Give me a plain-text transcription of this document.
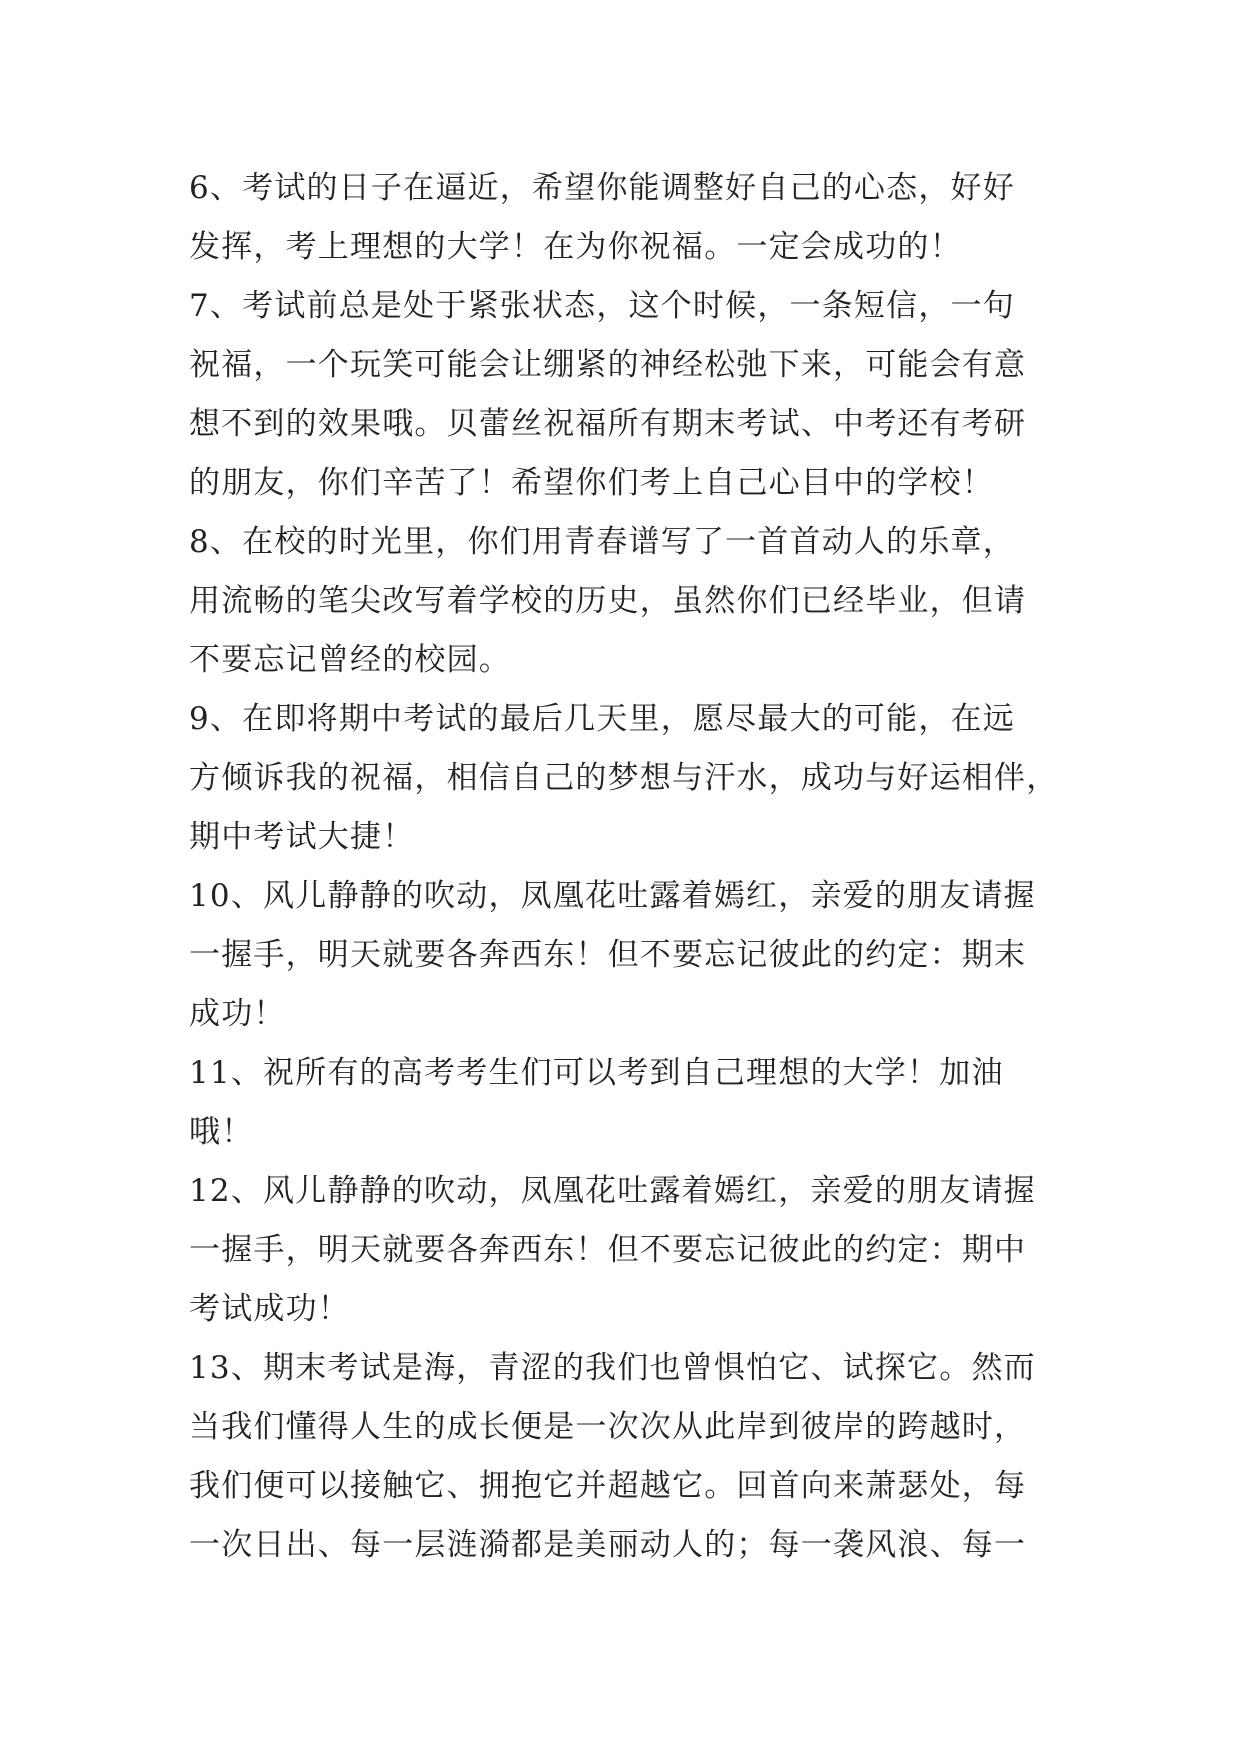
6、考试的日子在逼近，希望你能调整好自己的心态，好好
发挥，考上理想的大学！在为你祝福。一定会成功的！
7、考试前总是处于紧张状态，这个时候，一条短信，一句
祝福，一个玩笑可能会让绷紧的神经松弛下来，可能会有意
想不到的效果哦。贝蕾丝祝福所有期末考试、中考还有考研
的朋友，你们辛苦了！希望你们考上自己心目中的学校！
8、在校的时光里，你们用青春谱写了一首首动人的乐章，
用流畅的笔尖改写着学校的历史，虽然你们已经毕业，但请
不要忘记曾经的校园。
9、在即将期中考试的最后几天里，愿尽最大的可能，在远
方倾诉我的祝福，相信自己的梦想与汗水，成功与好运相伴，
期中考试大捷！
10、风儿静静的吹动，凤凰花吐露着嫣红，亲爱的朋友请握
一握手，明天就要各奔西东！但不要忘记彼此的约定：期末
成功！
11、祝所有的高考考生们可以考到自己理想的大学！加油
哦！
12、风儿静静的吹动，凤凰花吐露着嫣红，亲爱的朋友请握
一握手，明天就要各奔西东！但不要忘记彼此的约定：期中
考试成功！
13、期末考试是海，青涩的我们也曾惧怕它、试探它。然而
当我们懂得人生的成长便是一次次从此岸到彼岸的跨越时，
我们便可以接触它、拥抱它并超越它。回首向来萧瑟处，每
一次日出、每一层涟漪都是美丽动人的；每一袭风浪、每一
